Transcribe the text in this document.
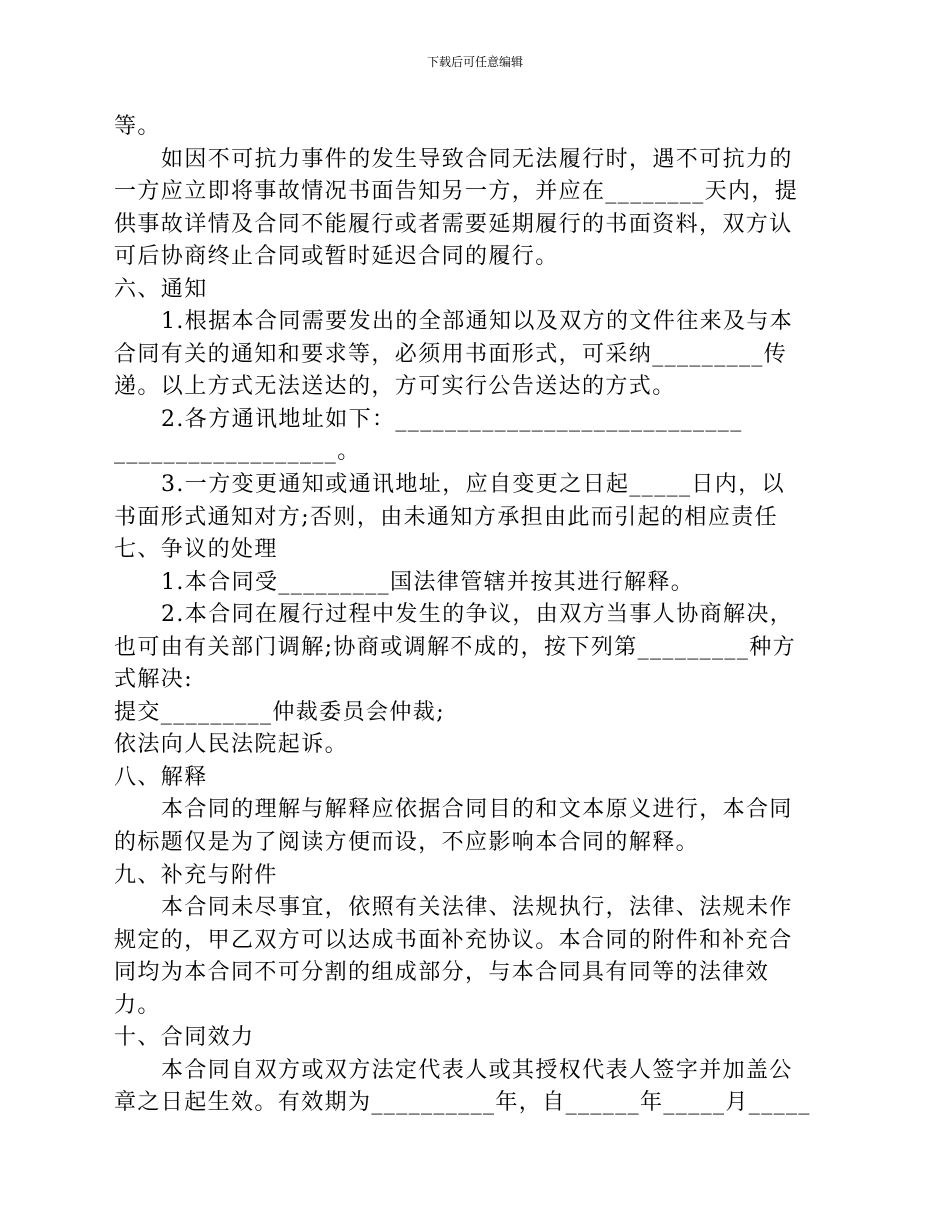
下载后可任意编辑
等。
如因不可抗力事件的发生导致合同无法履行时，遇不可抗力的
一方应立即将事故情况书面告知另一方，并应在________天内，提
供事故详情及合同不能履行或者需要延期履行的书面资料，双方认
可后协商终止合同或暂时延迟合同的履行。
六、通知
1.根据本合同需要发出的全部通知以及双方的文件往来及与本
合同有关的通知和要求等，必须用书面形式，可采纳_________传
递。以上方式无法送达的，方可实行公告送达的方式。
2.各方通讯地址如下：____________________________
__________________。
3.一方变更通知或通讯地址，应自变更之日起_____日内，以
书面形式通知对方;否则，由未通知方承担由此而引起的相应责任
七、争议的处理
1.本合同受_________国法律管辖并按其进行解释。
2.本合同在履行过程中发生的争议，由双方当事人协商解决，
也可由有关部门调解;协商或调解不成的，按下列第_________种方
式解决:
提交_________仲裁委员会仲裁;
依法向人民法院起诉。
八、解释
本合同的理解与解释应依据合同目的和文本原义进行，本合同
的标题仅是为了阅读方便而设，不应影响本合同的解释。
九、补充与附件
本合同未尽事宜，依照有关法律、法规执行，法律、法规未作
规定的，甲乙双方可以达成书面补充协议。本合同的附件和补充合
同均为本合同不可分割的组成部分，与本合同具有同等的法律效
力。
十、合同效力
本合同自双方或双方法定代表人或其授权代表人签字并加盖公
章之日起生效。有效期为__________年，自______年_____月_____
